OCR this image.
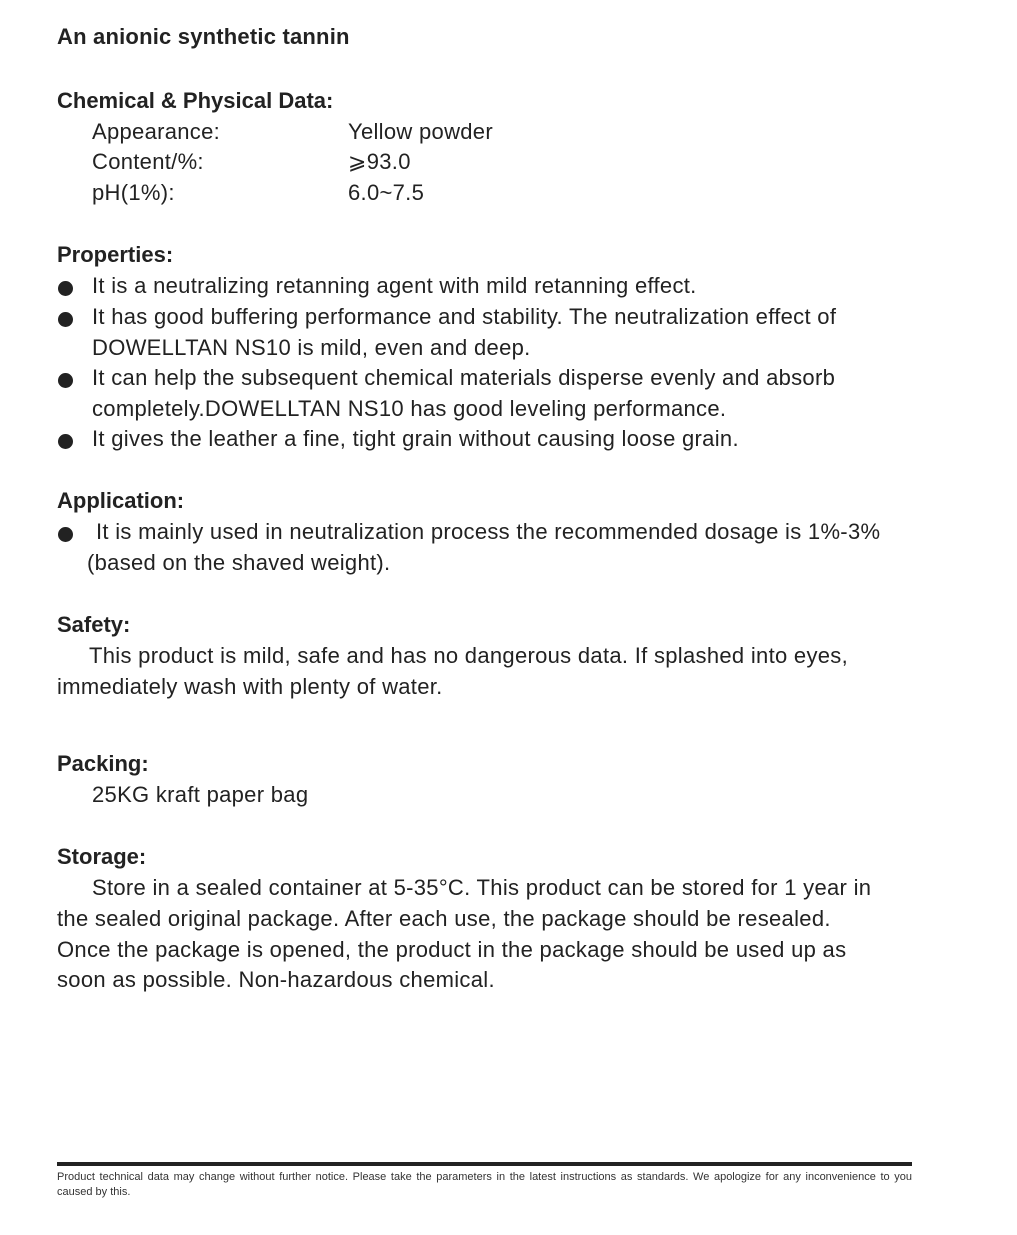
An anionic synthetic tannin
Chemical & Physical Data:
Appearance:	Yellow powder
Content/%:	⩾93.0
pH(1%):	6.0~7.5
Properties:
It is a neutralizing retanning agent with mild retanning effect.
It has good buffering performance and stability. The neutralization effect of
DOWELLTAN NS10 is mild, even and deep.
It can help the subsequent chemical materials disperse evenly and absorb
completely.DOWELLTAN NS10 has good leveling performance.
It gives the leather a fine, tight grain without causing loose grain.
Application:
It is mainly used in neutralization process the recommended dosage is 1%-3%
(based on the shaved weight).
Safety:
This product is mild, safe and has no dangerous data. If splashed into eyes,
immediately wash with plenty of water.
Packing:
25KG kraft paper bag
Storage:
Store in a sealed container at 5-35°C. This product can be stored for 1 year in
the sealed original package. After each use, the package should be resealed.
Once the package is opened, the product in the package should be used up as
soon as possible. Non-hazardous chemical.
Product technical data may change without further notice. Please take the parameters in the latest instructions as standards. We apologize for any inconvenience to you caused by this.
